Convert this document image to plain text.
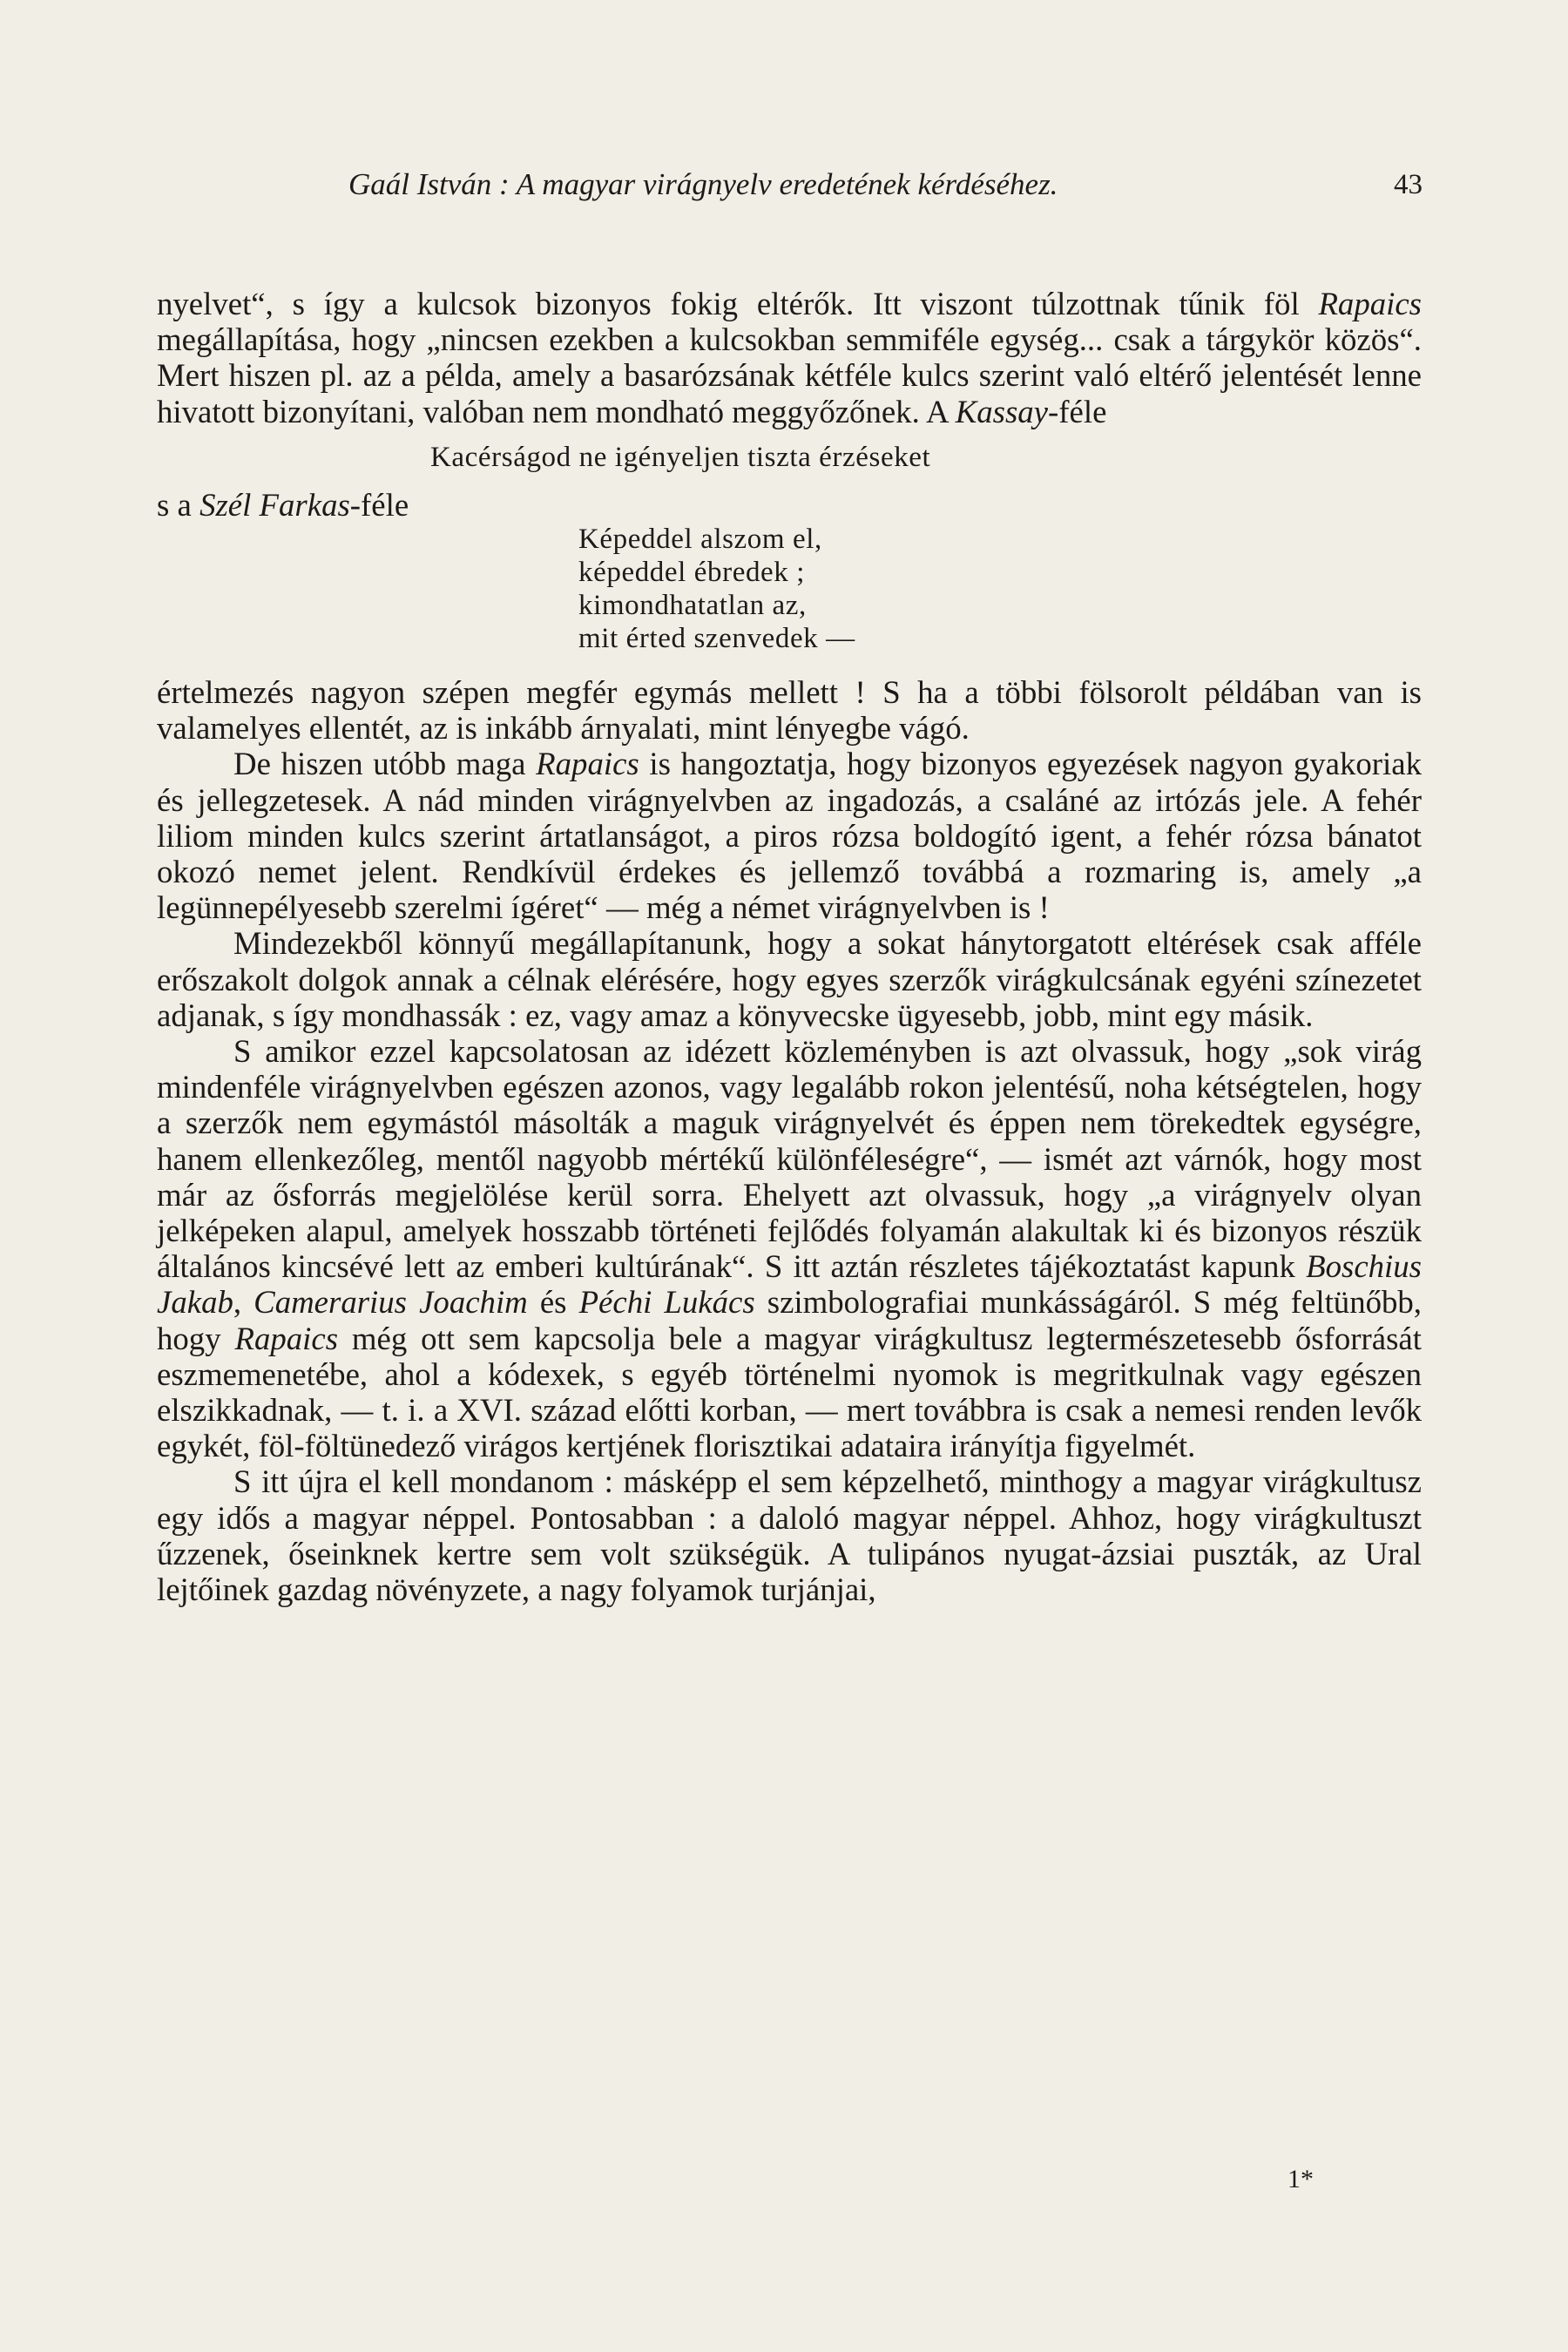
Gaál István : A magyar virágnyelv eredetének kérdéséhez.	43

nyelvet“, s így a kulcsok bizonyos fokig eltérők. Itt viszont túlzottnak tűnik föl Rapaics megállapítása, hogy „nincsen ezekben a kulcsokban semmiféle egység... csak a tárgykör közös“. Mert hiszen pl. az a példa, amely a basarózsának kétféle kulcs szerint való eltérő jelentését lenne hivatott bizonyítani, valóban nem mondható meggyőzőnek. A Kassay-féle

Kacérságod ne igényeljen tiszta érzéseket

s a Szél Farkas-féle

Képeddel alszom el,
képeddel ébredek ;
kimondhatatlan az,
mit érted szenvedek —

értelmezés nagyon szépen megfér egymás mellett ! S ha a többi fölsorolt példában van is valamelyes ellentét, az is inkább árnyalati, mint lényegbe vágó.

De hiszen utóbb maga Rapaics is hangoztatja, hogy bizonyos egyezések nagyon gyakoriak és jellegzetesek. A nád minden virágnyelvben az ingadozás, a csaláné az irtózás jele. A fehér liliom minden kulcs szerint ártatlanságot, a piros rózsa boldogító igent, a fehér rózsa bánatot okozó nemet jelent. Rendkívül érdekes és jellemző továbbá a rozmaring is, amely „a legünnepélyesebb szerelmi ígéret“ — még a német virágnyelvben is !

Mindezekből könnyű megállapítanunk, hogy a sokat hánytorgatott eltérések csak afféle erőszakolt dolgok annak a célnak elérésére, hogy egyes szerzők virágkulcsának egyéni színezetet adjanak, s így mondhassák : ez, vagy amaz a könyvecske ügyesebb, jobb, mint egy másik.

S amikor ezzel kapcsolatosan az idézett közleményben is azt olvassuk, hogy „sok virág mindenféle virágnyelvben egészen azonos, vagy legalább rokon jelentésű, noha kétségtelen, hogy a szerzők nem egymástól másolták a maguk virágnyelvét és éppen nem törekedtek egységre, hanem ellenkezőleg, mentől nagyobb mértékű különféleségre“, — ismét azt várnók, hogy most már az ősforrás megjelölése kerül sorra. Ehelyett azt olvassuk, hogy „a virágnyelv olyan jelképeken alapul, amelyek hosszabb történeti fejlődés folyamán alakultak ki és bizonyos részük általános kincsévé lett az emberi kultúrának“. S itt aztán részletes tájékoztatást kapunk Boschius Jakab, Camerarius Joachim és Péchi Lukács szimbolografiai munkásságáról. S még feltünőbb, hogy Rapaics még ott sem kapcsolja bele a magyar virágkultusz legtermészetesebb ősforrását eszmemenetébe, ahol a kódexek, s egyéb történelmi nyomok is megritkulnak vagy egészen elszikkadnak, — t. i. a XVI. század előtti korban, — mert továbbra is csak a nemesi renden levők egykét, föl-föltünedező virágos kertjének florisztikai adataira irányítja figyelmét.

S itt újra el kell mondanom : másképp el sem képzelhető, minthogy a magyar virágkultusz egy idős a magyar néppel. Pontosabban : a daloló magyar néppel. Ahhoz, hogy virágkultuszt űzzenek, őseinknek kertre sem volt szükségük. A tulipános nyugat-ázsiai puszták, az Ural lejtőinek gazdag növényzete, a nagy folyamok turjánjai,

1*
